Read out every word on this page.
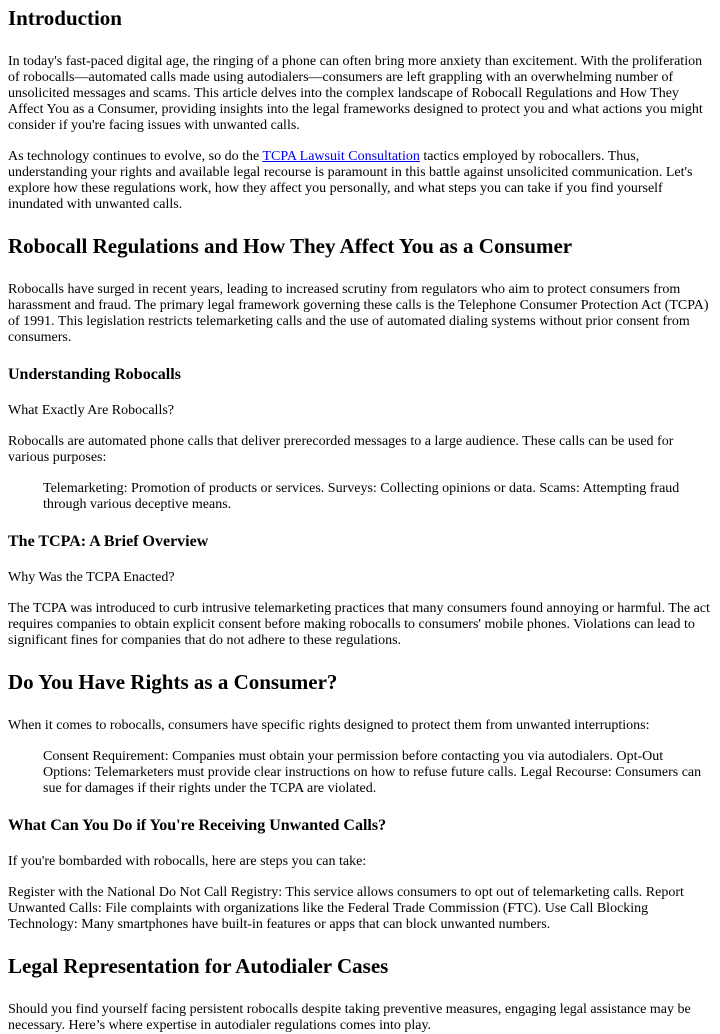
Introduction

In today's fast-paced digital age, the ringing of a phone can often bring more anxiety than excitement. With the proliferation of robocalls—automated calls made using autodialers—consumers are left grappling with an overwhelming number of unsolicited messages and scams. This article delves into the complex landscape of Robocall Regulations and How They Affect You as a Consumer, providing insights into the legal frameworks designed to protect you and what actions you might consider if you're facing issues with unwanted calls.

As technology continues to evolve, so do the TCPA Lawsuit Consultation tactics employed by robocallers. Thus, understanding your rights and available legal recourse is paramount in this battle against unsolicited communication. Let's explore how these regulations work, how they affect you personally, and what steps you can take if you find yourself inundated with unwanted calls.

Robocall Regulations and How They Affect You as a Consumer

Robocalls have surged in recent years, leading to increased scrutiny from regulators who aim to protect consumers from harassment and fraud. The primary legal framework governing these calls is the Telephone Consumer Protection Act (TCPA) of 1991. This legislation restricts telemarketing calls and the use of automated dialing systems without prior consent from consumers.

Understanding Robocalls

What Exactly Are Robocalls?

Robocalls are automated phone calls that deliver prerecorded messages to a large audience. These calls can be used for various purposes:

Telemarketing: Promotion of products or services. Surveys: Collecting opinions or data. Scams: Attempting fraud through various deceptive means.
The TCPA: A Brief Overview

Why Was the TCPA Enacted?

The TCPA was introduced to curb intrusive telemarketing practices that many consumers found annoying or harmful. The act requires companies to obtain explicit consent before making robocalls to consumers' mobile phones. Violations can lead to significant fines for companies that do not adhere to these regulations.

Do You Have Rights as a Consumer?

When it comes to robocalls, consumers have specific rights designed to protect them from unwanted interruptions:

Consent Requirement: Companies must obtain your permission before contacting you via autodialers. Opt-Out Options: Telemarketers must provide clear instructions on how to refuse future calls. Legal Recourse: Consumers can sue for damages if their rights under the TCPA are violated.
What Can You Do if You're Receiving Unwanted Calls?

If you're bombarded with robocalls, here are steps you can take:

Register with the National Do Not Call Registry: This service allows consumers to opt out of telemarketing calls. Report Unwanted Calls: File complaints with organizations like the Federal Trade Commission (FTC). Use Call Blocking Technology: Many smartphones have built-in features or apps that can block unwanted numbers.

Legal Representation for Autodialer Cases

Should you find yourself facing persistent robocalls despite taking preventive measures, engaging legal assistance may be necessary. Here’s where expertise in autodialer regulations comes into play.
